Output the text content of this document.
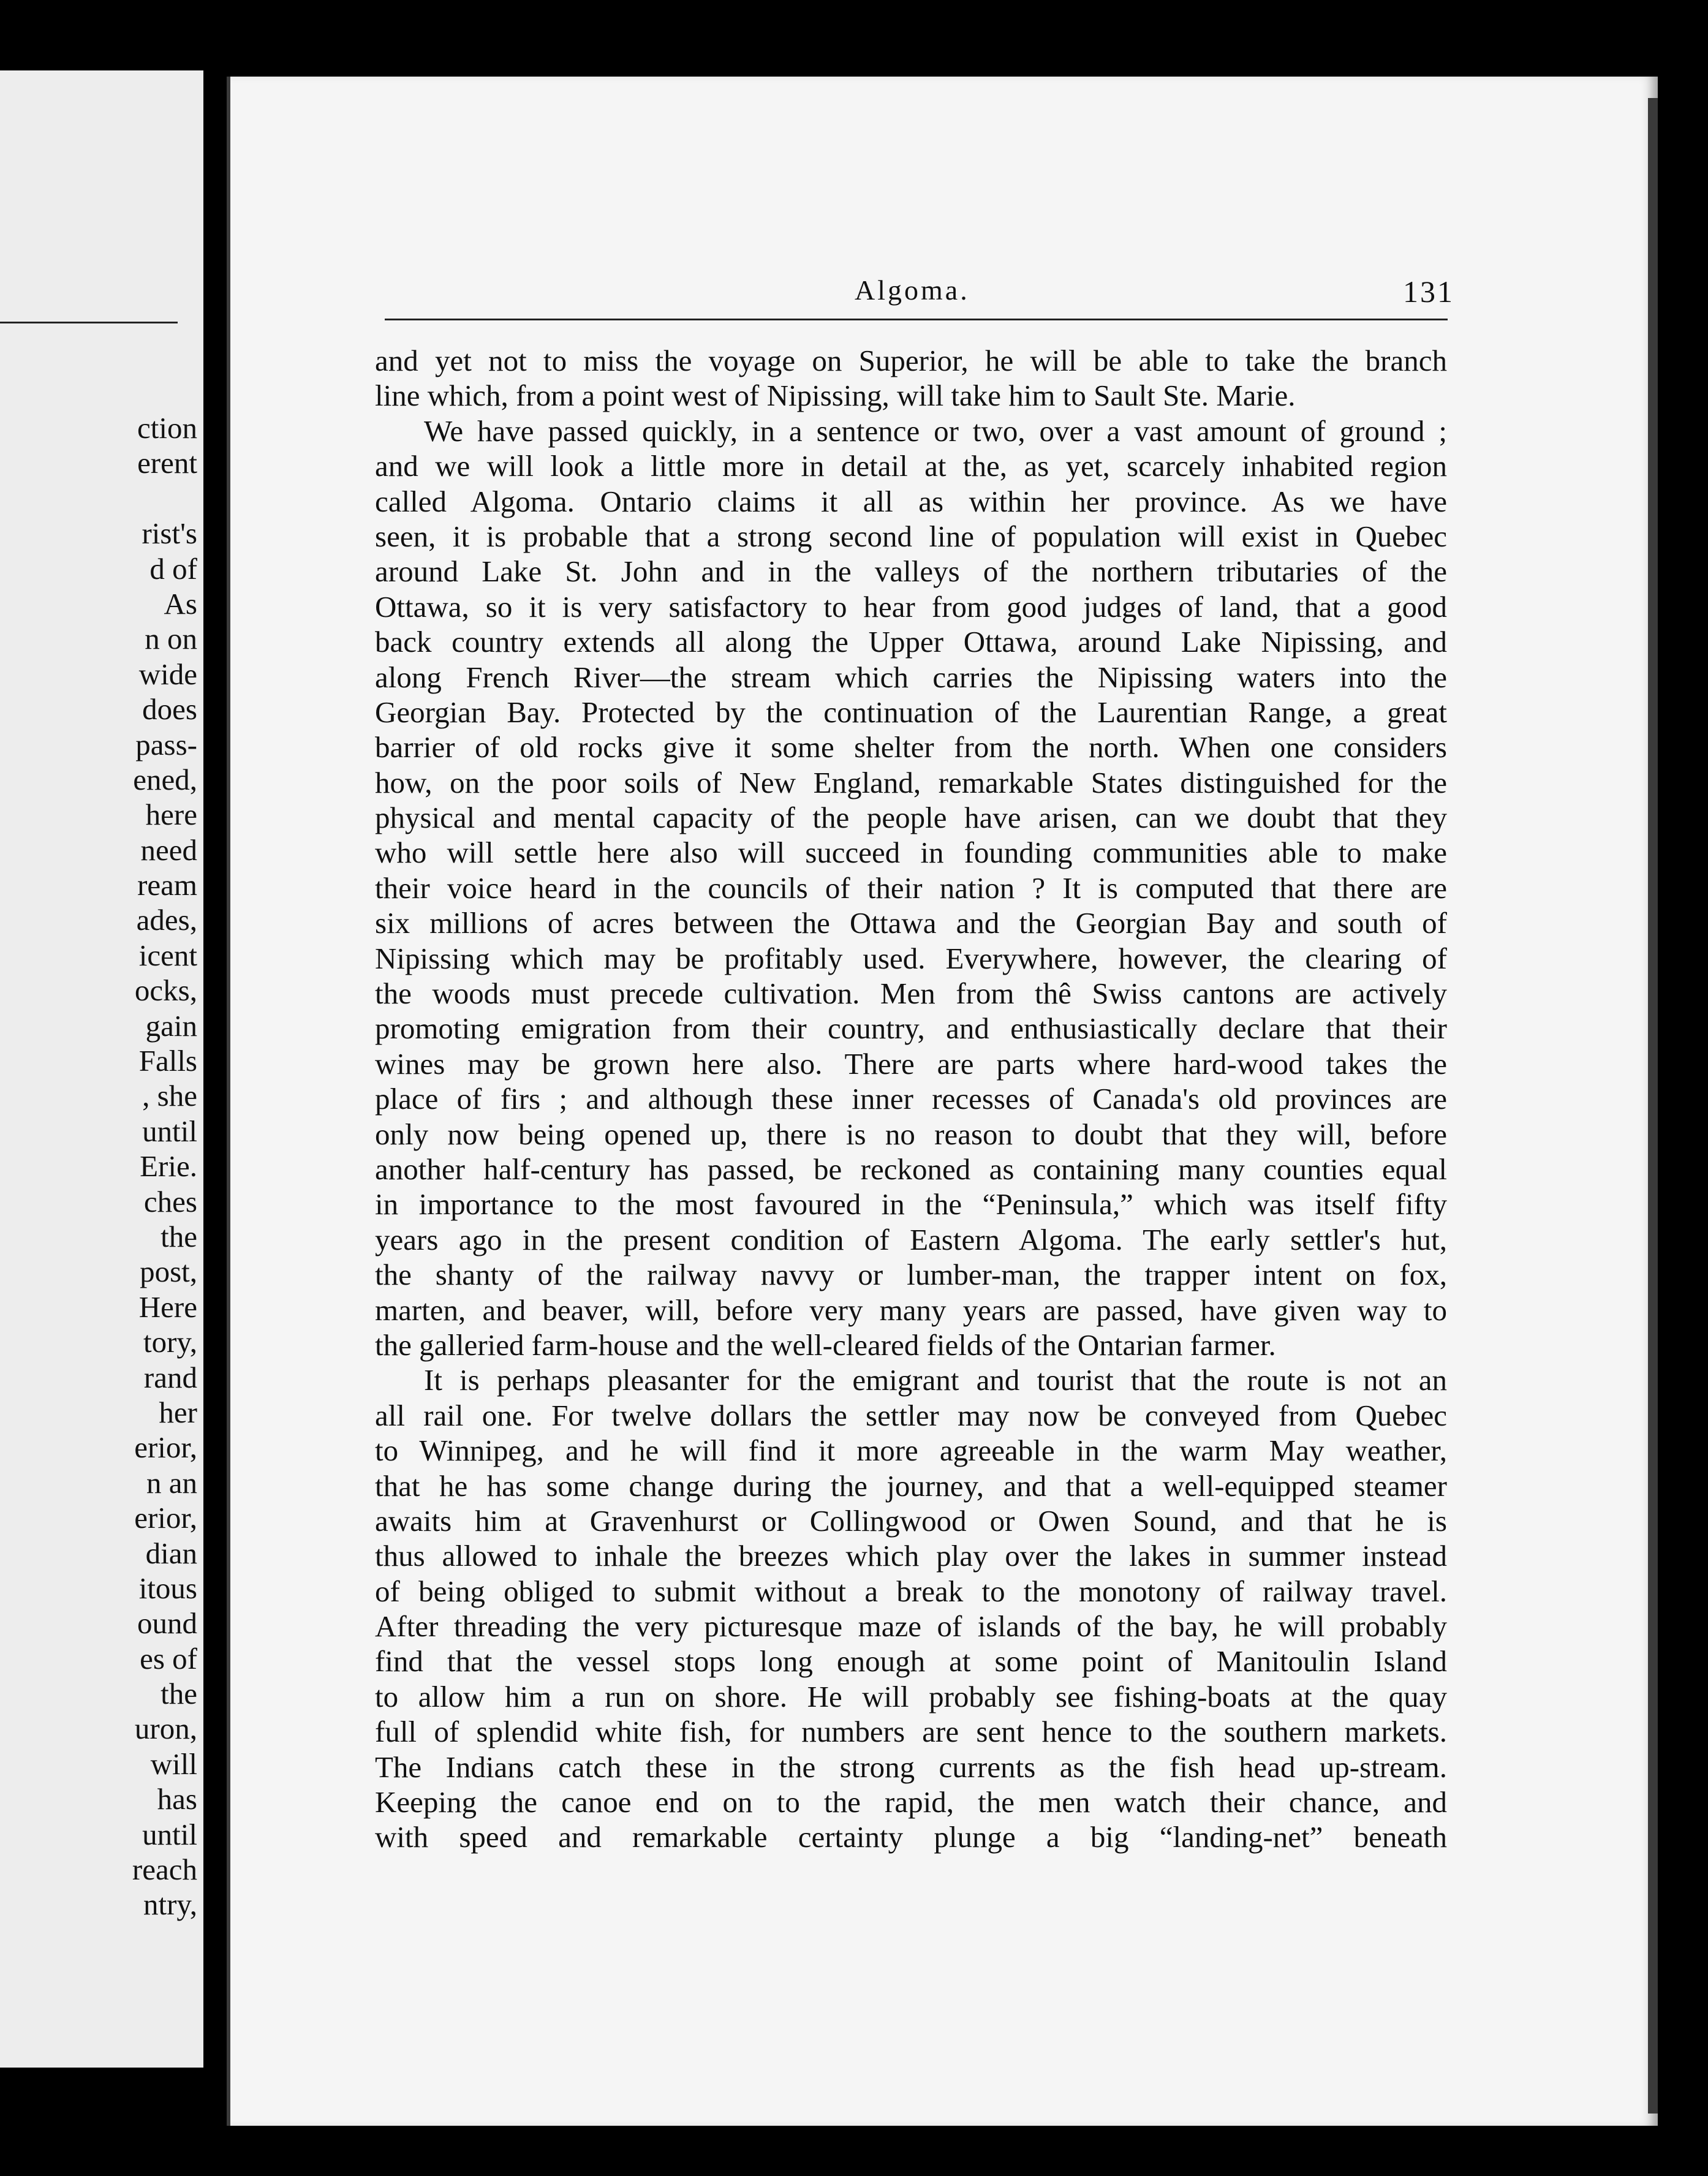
ction
erent
rist's
d of
As
n on
wide
does
pass-
ened,
here
need
ream
ades,
icent
ocks,
gain
Falls
, she
until
Erie.
ches
the
post,
Here
tory,
rand
her
erior,
n an
erior,
dian
itous
ound
es of
the
uron,
will
has
until
reach
ntry,
Algoma.	131

and yet not to miss the voyage on Superior, he will be able to take the branch
line which, from a point west of Nipissing, will take him to Sault Ste. Marie.

We have passed quickly, in a sentence or two, over a vast amount of ground ;
and we will look a little more in detail at the, as yet, scarcely inhabited region
called Algoma. Ontario claims it all as within her province. As we have
seen, it is probable that a strong second line of population will exist in Quebec
around Lake St. John and in the valleys of the northern tributaries of the
Ottawa, so it is very satisfactory to hear from good judges of land, that a good
back country extends all along the Upper Ottawa, around Lake Nipissing, and
along French River—the stream which carries the Nipissing waters into the
Georgian Bay. Protected by the continuation of the Laurentian Range, a great
barrier of old rocks give it some shelter from the north. When one considers
how, on the poor soils of New England, remarkable States distinguished for the
physical and mental capacity of the people have arisen, can we doubt that they
who will settle here also will succeed in founding communities able to make
their voice heard in the councils of their nation ? It is computed that there are
six millions of acres between the Ottawa and the Georgian Bay and south of
Nipissing which may be profitably used. Everywhere, however, the clearing of
the woods must precede cultivation. Men from thê Swiss cantons are actively
promoting emigration from their country, and enthusiastically declare that their
wines may be grown here also. There are parts where hard-wood takes the
place of firs ; and although these inner recesses of Canada's old provinces are
only now being opened up, there is no reason to doubt that they will, before
another half-century has passed, be reckoned as containing many counties equal
in importance to the most favoured in the “Peninsula,” which was itself fifty
years ago in the present condition of Eastern Algoma. The early settler's hut,
the shanty of the railway navvy or lumber-man, the trapper intent on fox,
marten, and beaver, will, before very many years are passed, have given way to
the galleried farm-house and the well-cleared fields of the Ontarian farmer.

It is perhaps pleasanter for the emigrant and tourist that the route is not an
all rail one. For twelve dollars the settler may now be conveyed from Quebec
to Winnipeg, and he will find it more agreeable in the warm May weather,
that he has some change during the journey, and that a well-equipped steamer
awaits him at Gravenhurst or Collingwood or Owen Sound, and that he is
thus allowed to inhale the breezes which play over the lakes in summer instead
of being obliged to submit without a break to the monotony of railway travel.
After threading the very picturesque maze of islands of the bay, he will probably
find that the vessel stops long enough at some point of Manitoulin Island
to allow him a run on shore. He will probably see fishing-boats at the quay
full of splendid white fish, for numbers are sent hence to the southern markets.
The Indians catch these in the strong currents as the fish head up-stream.
Keeping the canoe end on to the rapid, the men watch their chance, and
with speed and remarkable certainty plunge a big “landing-net” beneath
